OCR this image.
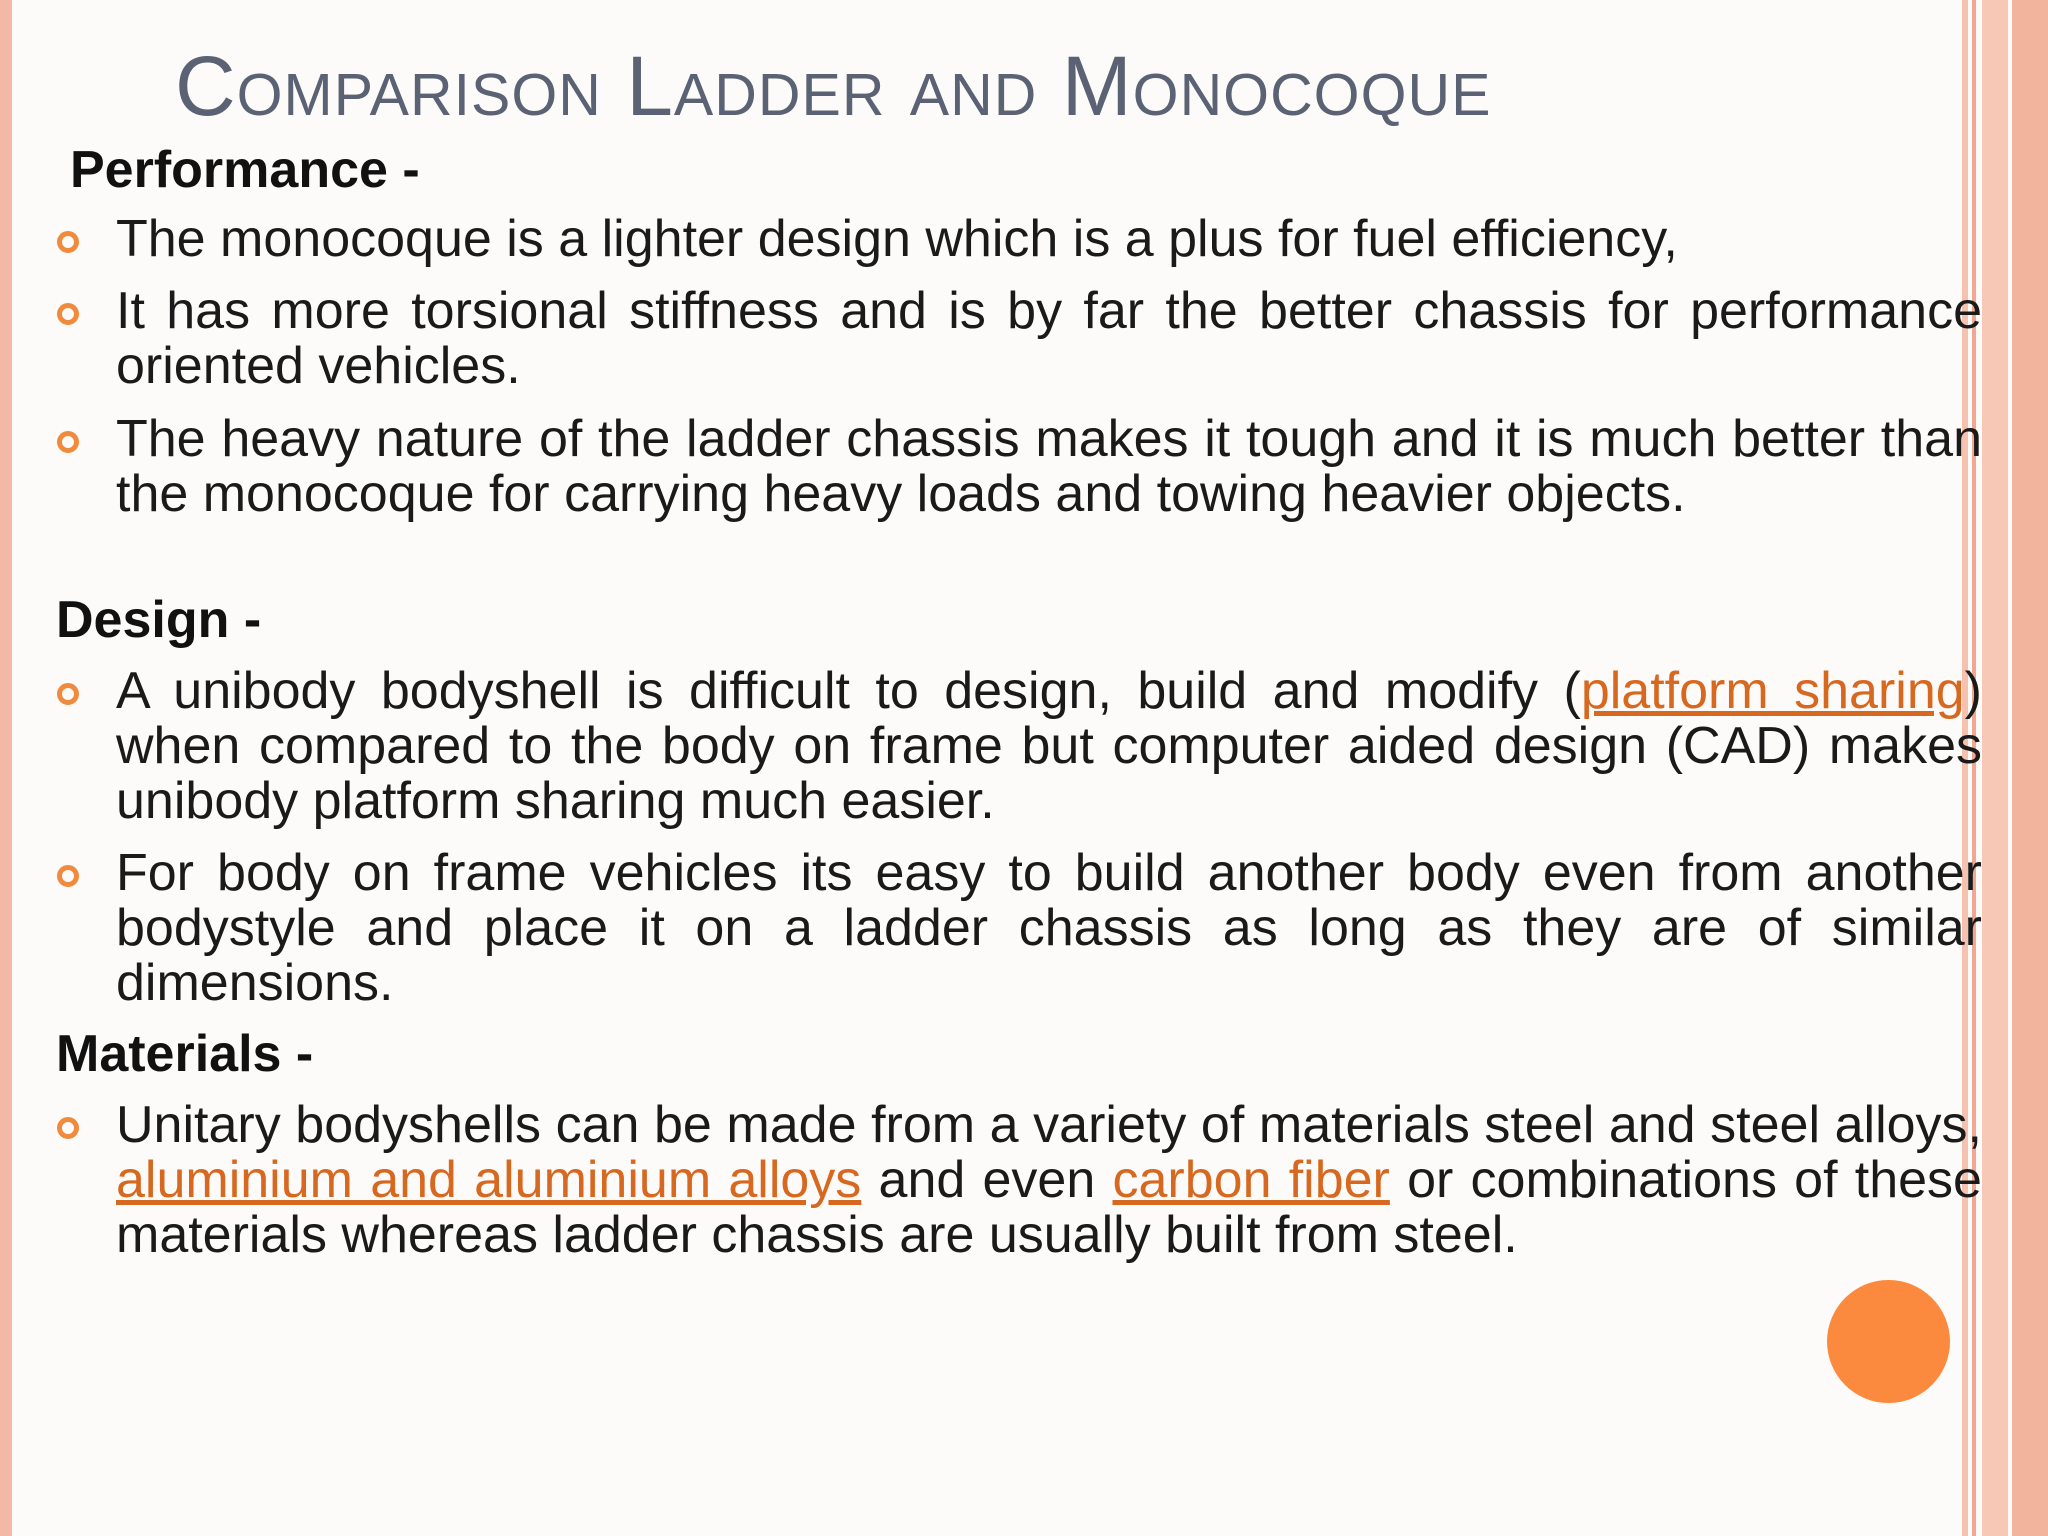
Comparison Ladder and Monocoque
Performance -
The monocoque is a lighter design which is a plus for fuel efficiency,
It has more torsional stiffness and is by far the better chassis for performance oriented vehicles.
The heavy nature of the ladder chassis makes it tough and it is much better than the monocoque for carrying heavy loads and towing heavier objects.
Design -
A unibody bodyshell is difficult to design, build and modify (platform sharing) when compared to the body on frame but computer aided design (CAD) makes unibody platform sharing much easier.
For body on frame vehicles its easy to build another body even from another bodystyle and place it on a ladder chassis as long as they are of similar dimensions.
Materials -
Unitary bodyshells can be made from a variety of materials steel and steel alloys, aluminium and aluminium alloys and even carbon fiber or combinations of these materials whereas ladder chassis are usually built from steel.
